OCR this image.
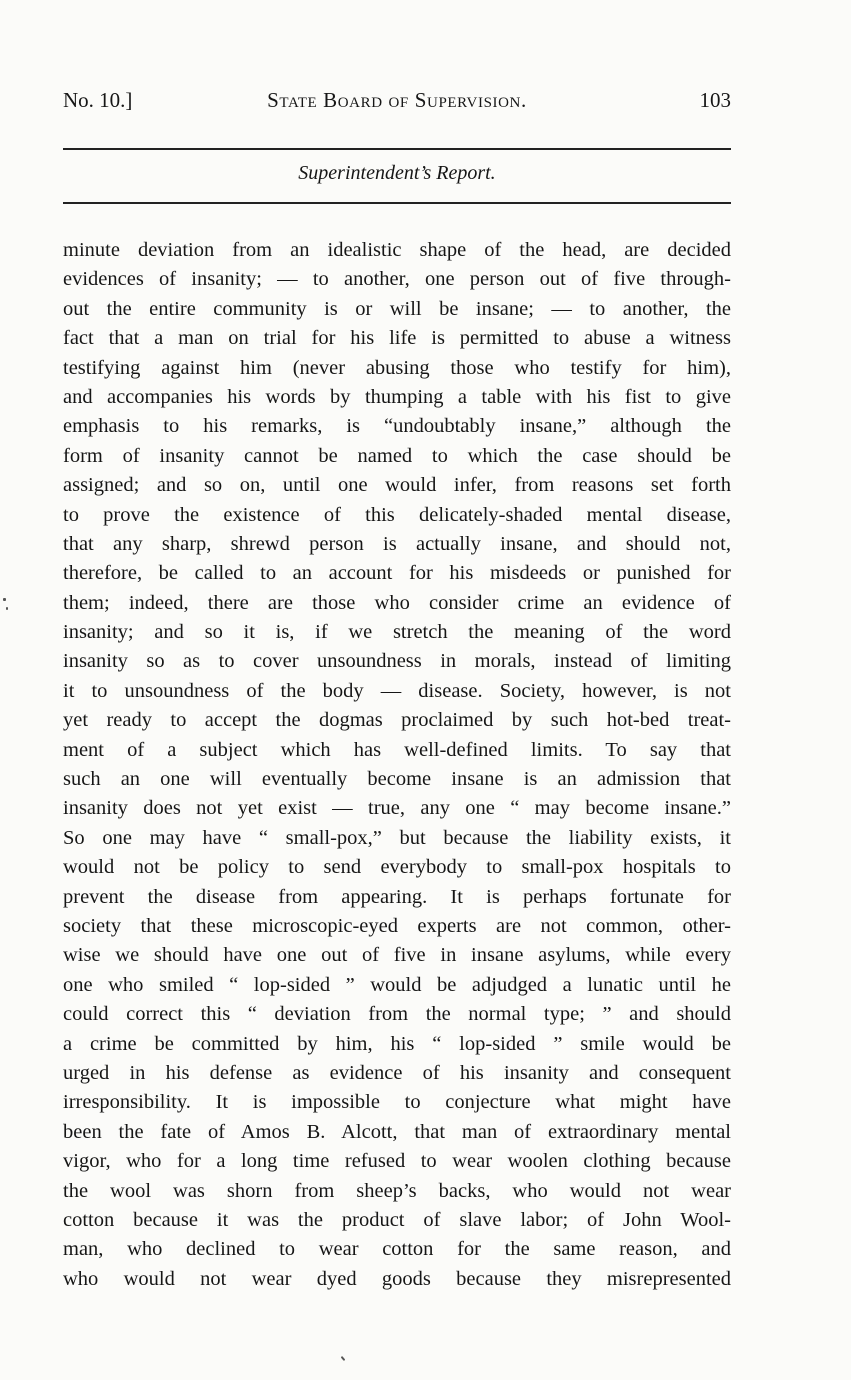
No. 10.]	State Board of Supervision.	103
Superintendent’s Report.
minute deviation from an idealistic shape of the head, are decided
evidences of insanity; — to another, one person out of five through-
out the entire community is or will be insane; — to another, the
fact that a man on trial for his life is permitted to abuse a witness
testifying against him (never abusing those who testify for him),
and accompanies his words by thumping a table with his fist to give
emphasis to his remarks, is “undoubtably insane,” although the
form of insanity cannot be named to which the case should be
assigned; and so on, until one would infer, from reasons set forth
to prove the existence of this delicately-shaded mental disease,
that any sharp, shrewd person is actually insane, and should not,
therefore, be called to an account for his misdeeds or punished for
them; indeed, there are those who consider crime an evidence of
insanity; and so it is, if we stretch the meaning of the word
insanity so as to cover unsoundness in morals, instead of limiting
it to unsoundness of the body — disease. Society, however, is not
yet ready to accept the dogmas proclaimed by such hot-bed treat-
ment of a subject which has well-defined limits. To say that
such an one will eventually become insane is an admission that
insanity does not yet exist — true, any one “ may become insane.”
So one may have “ small-pox,” but because the liability exists, it
would not be policy to send everybody to small-pox hospitals to
prevent the disease from appearing. It is perhaps fortunate for
society that these microscopic-eyed experts are not common, other-
wise we should have one out of five in insane asylums, while every
one who smiled “ lop-sided ” would be adjudged a lunatic until he
could correct this “ deviation from the normal type; ” and should
a crime be committed by him, his “ lop-sided ” smile would be
urged in his defense as evidence of his insanity and consequent
irresponsibility. It is impossible to conjecture what might have
been the fate of Amos B. Alcott, that man of extraordinary mental
vigor, who for a long time refused to wear woolen clothing because
the wool was shorn from sheep’s backs, who would not wear
cotton because it was the product of slave labor; of John Wool-
man, who declined to wear cotton for the same reason, and
who would not wear dyed goods because they misrepresented
